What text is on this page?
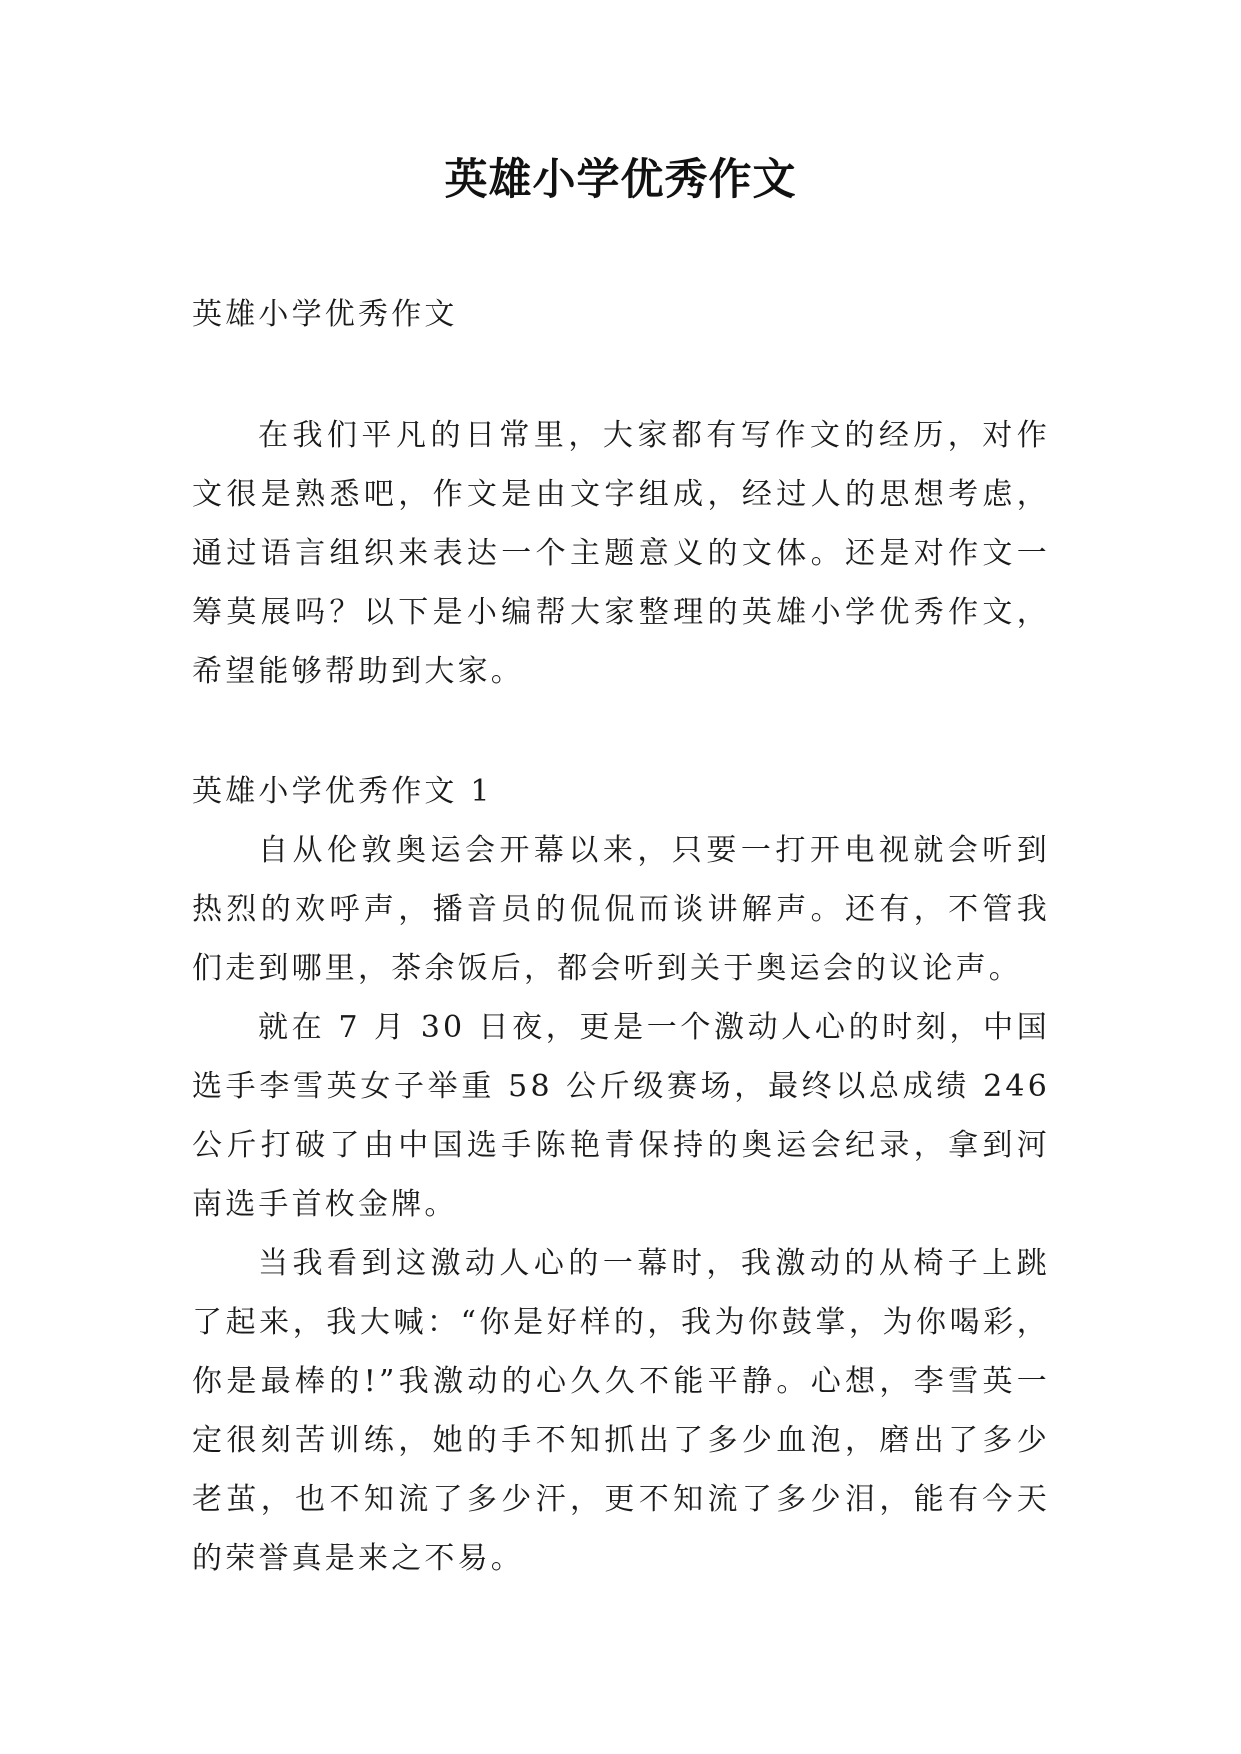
英雄小学优秀作文

英雄小学优秀作文

在我们平凡的日常里，大家都有写作文的经历，对作文很是熟悉吧，作文是由文字组成，经过人的思想考虑，通过语言组织来表达一个主题意义的文体。还是对作文一筹莫展吗？以下是小编帮大家整理的英雄小学优秀作文，希望能够帮助到大家。

英雄小学优秀作文 1

自从伦敦奥运会开幕以来，只要一打开电视就会听到热烈的欢呼声，播音员的侃侃而谈讲解声。还有，不管我们走到哪里，茶余饭后，都会听到关于奥运会的议论声。

就在 7 月 30 日夜，更是一个激动人心的时刻，中国选手李雪英女子举重 58 公斤级赛场，最终以总成绩 246 公斤打破了由中国选手陈艳青保持的奥运会纪录，拿到河南选手首枚金牌。

当我看到这激动人心的一幕时，我激动的从椅子上跳了起来，我大喊：“你是好样的，我为你鼓掌，为你喝彩，你是最棒的!”我激动的心久久不能平静。心想，李雪英一定很刻苦训练，她的手不知抓出了多少血泡，磨出了多少老茧，也不知流了多少汗，更不知流了多少泪，能有今天的荣誉真是来之不易。
